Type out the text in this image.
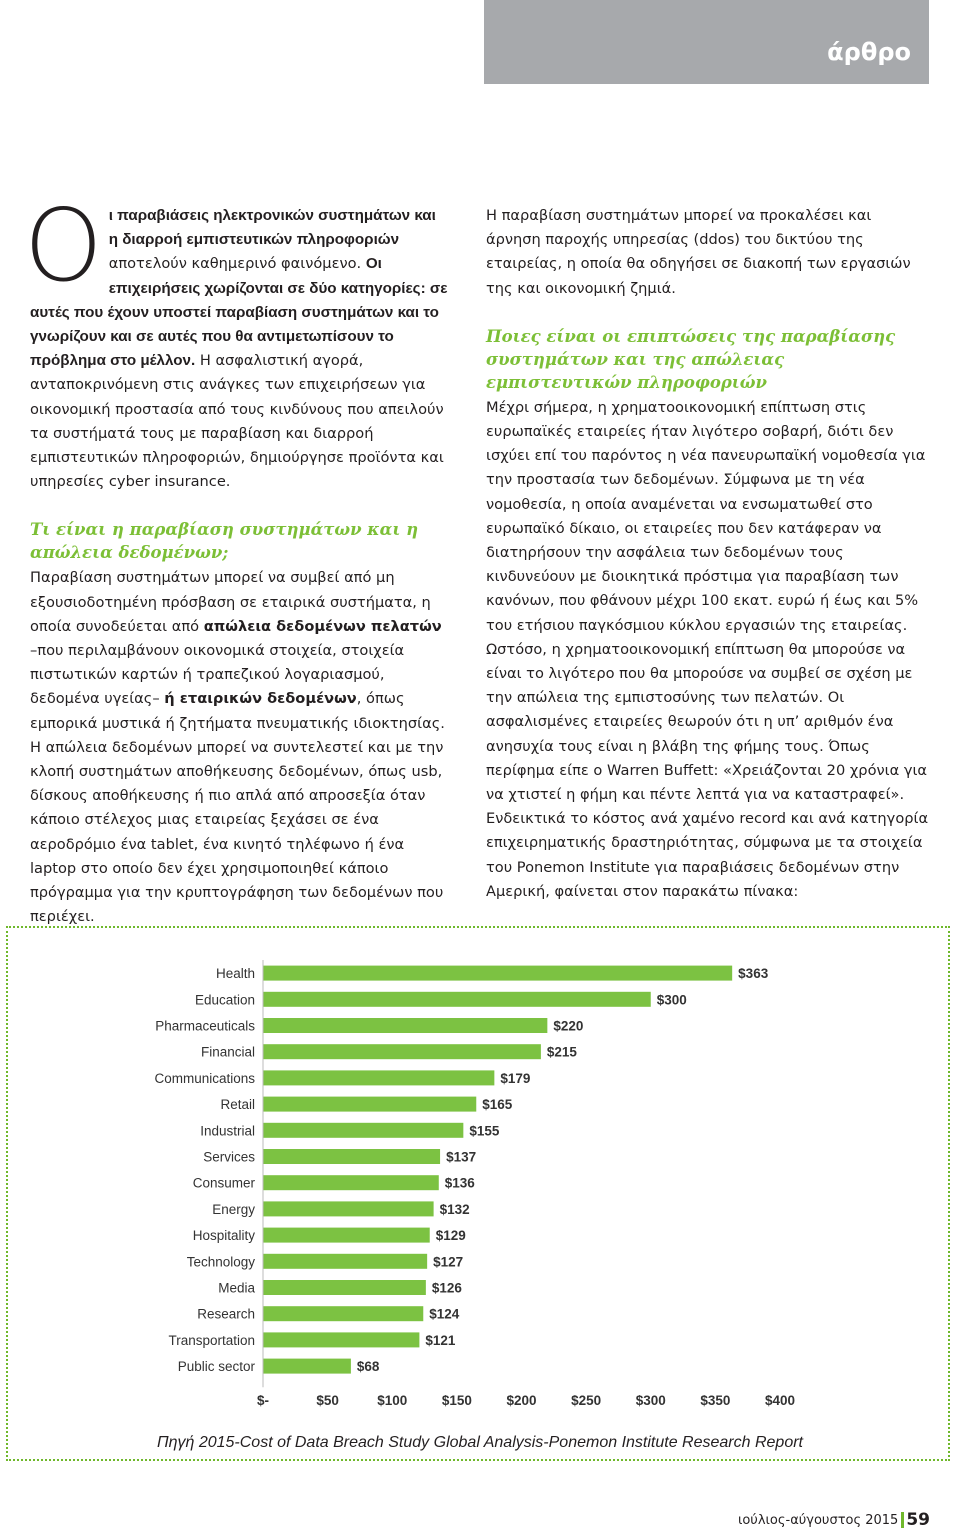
άρθρο

Οι παραβιάσεις ηλεκτρονικών συστημάτων και η διαρροή εμπιστευτικών πληροφοριών αποτελούν καθημερινό φαινόμενο. Οι επιχειρήσεις χωρίζονται σε δύο κατηγορίες: σε αυτές που έχουν υποστεί παραβίαση συστημάτων και το γνωρίζουν και σε αυτές που θα αντιμετωπίσουν το πρόβλημα στο μέλλον. Η ασφαλιστική αγορά, ανταποκρινόμενη στις ανάγκες των επιχειρήσεων για οικονομική προστασία από τους κινδύνους που απειλούν τα συστήματά τους με παραβίαση και διαρροή εμπιστευτικών πληροφοριών, δημιούργησε προϊόντα και υπηρεσίες cyber insurance.

Τι είναι η παραβίαση συστημάτων και η απώλεια δεδομένων;

Παραβίαση συστημάτων μπορεί να συμβεί από μη εξουσιοδοτημένη πρόσβαση σε εταιρικά συστήματα, η οποία συνοδεύεται από απώλεια δεδομένων πελατών –που περιλαμβάνουν οικονομικά στοιχεία, στοιχεία πιστωτικών καρτών ή τραπεζικού λογαριασμού, δεδομένα υγείας– ή εταιρικών δεδομένων, όπως εμπορικά μυστικά ή ζητήματα πνευματικής ιδιοκτησίας.

Η απώλεια δεδομένων μπορεί να συντελεστεί και με την κλοπή συστημάτων αποθήκευσης δεδομένων, όπως usb, δίσκους αποθήκευσης ή πιο απλά από απροσεξία όταν κάποιο στέλεχος μιας εταιρείας ξεχάσει σε ένα αεροδρόμιο ένα tablet, ένα κινητό τηλέφωνο ή ένα laptop στο οποίο δεν έχει χρησιμοποιηθεί κάποιο πρόγραμμα για την κρυπτογράφηση των δεδομένων που περιέχει.

Η παραβίαση συστημάτων μπορεί να προκαλέσει και άρνηση παροχής υπηρεσίας (ddos) του δικτύου της εταιρείας, η οποία θα οδηγήσει σε διακοπή των εργασιών της και οικονομική ζημιά.

Ποιες είναι οι επιπτώσεις της παραβίασης συστημάτων και της απώλειας εμπιστευτικών πληροφοριών

Μέχρι σήμερα, η χρηματοοικονομική επίπτωση στις ευρωπαϊκές εταιρείες ήταν λιγότερο σοβαρή, διότι δεν ισχύει επί του παρόντος η νέα πανευρωπαϊκή νομοθεσία για την προστασία των δεδομένων. Σύμφωνα με τη νέα νομοθεσία, η οποία αναμένεται να ενσωματωθεί στο ευρωπαϊκό δίκαιο, οι εταιρείες που δεν κατάφεραν να διατηρήσουν την ασφάλεια των δεδομένων τους κινδυνεύουν με διοικητικά πρόστιμα για παραβίαση των κανόνων, που φθάνουν μέχρι 100 εκατ. ευρώ ή έως και 5% του ετήσιου παγκόσμιου κύκλου εργασιών της εταιρείας.

Ωστόσο, η χρηματοοικονομική επίπτωση θα μπορούσε να είναι το λιγότερο που θα μπορούσε να συμβεί σε σχέση με την απώλεια της εμπιστοσύνης των πελατών. Οι ασφαλισμένες εταιρείες θεωρούν ότι η υπ’ αριθμόν ένα ανησυχία τους είναι η βλάβη της φήμης τους. Όπως περίφημα είπε ο Warren Buffett: «Χρειάζονται 20 χρόνια για να χτιστεί η φήμη και πέντε λεπτά για να καταστραφεί». Ενδεικτικά το κόστος ανά χαμένο record και ανά κατηγορία επιχειρηματικής δραστηριότητας, σύμφωνα με τα στοιχεία του Ponemon Institute για παραβιάσεις δεδομένων στην Αμερική, φαίνεται στον παρακάτω πίνακα:

Health	$363
Education	$300
Pharmaceuticals	$220
Financial	$215
Communications	$179
Retail	$165
Industrial	$155
Services	$137
Consumer	$136
Energy	$132
Hospitality	$129
Technology	$127
Media	$126
Research	$124
Transportation	$121
Public sector	$68
$-	$50	$100	$150	$200	$250	$300	$350	$400
Πηγή 2015-Cost of Data Breach Study Global Analysis-Ponemon Institute Research Report
ιούλιος-αύγουστος 2015 59
